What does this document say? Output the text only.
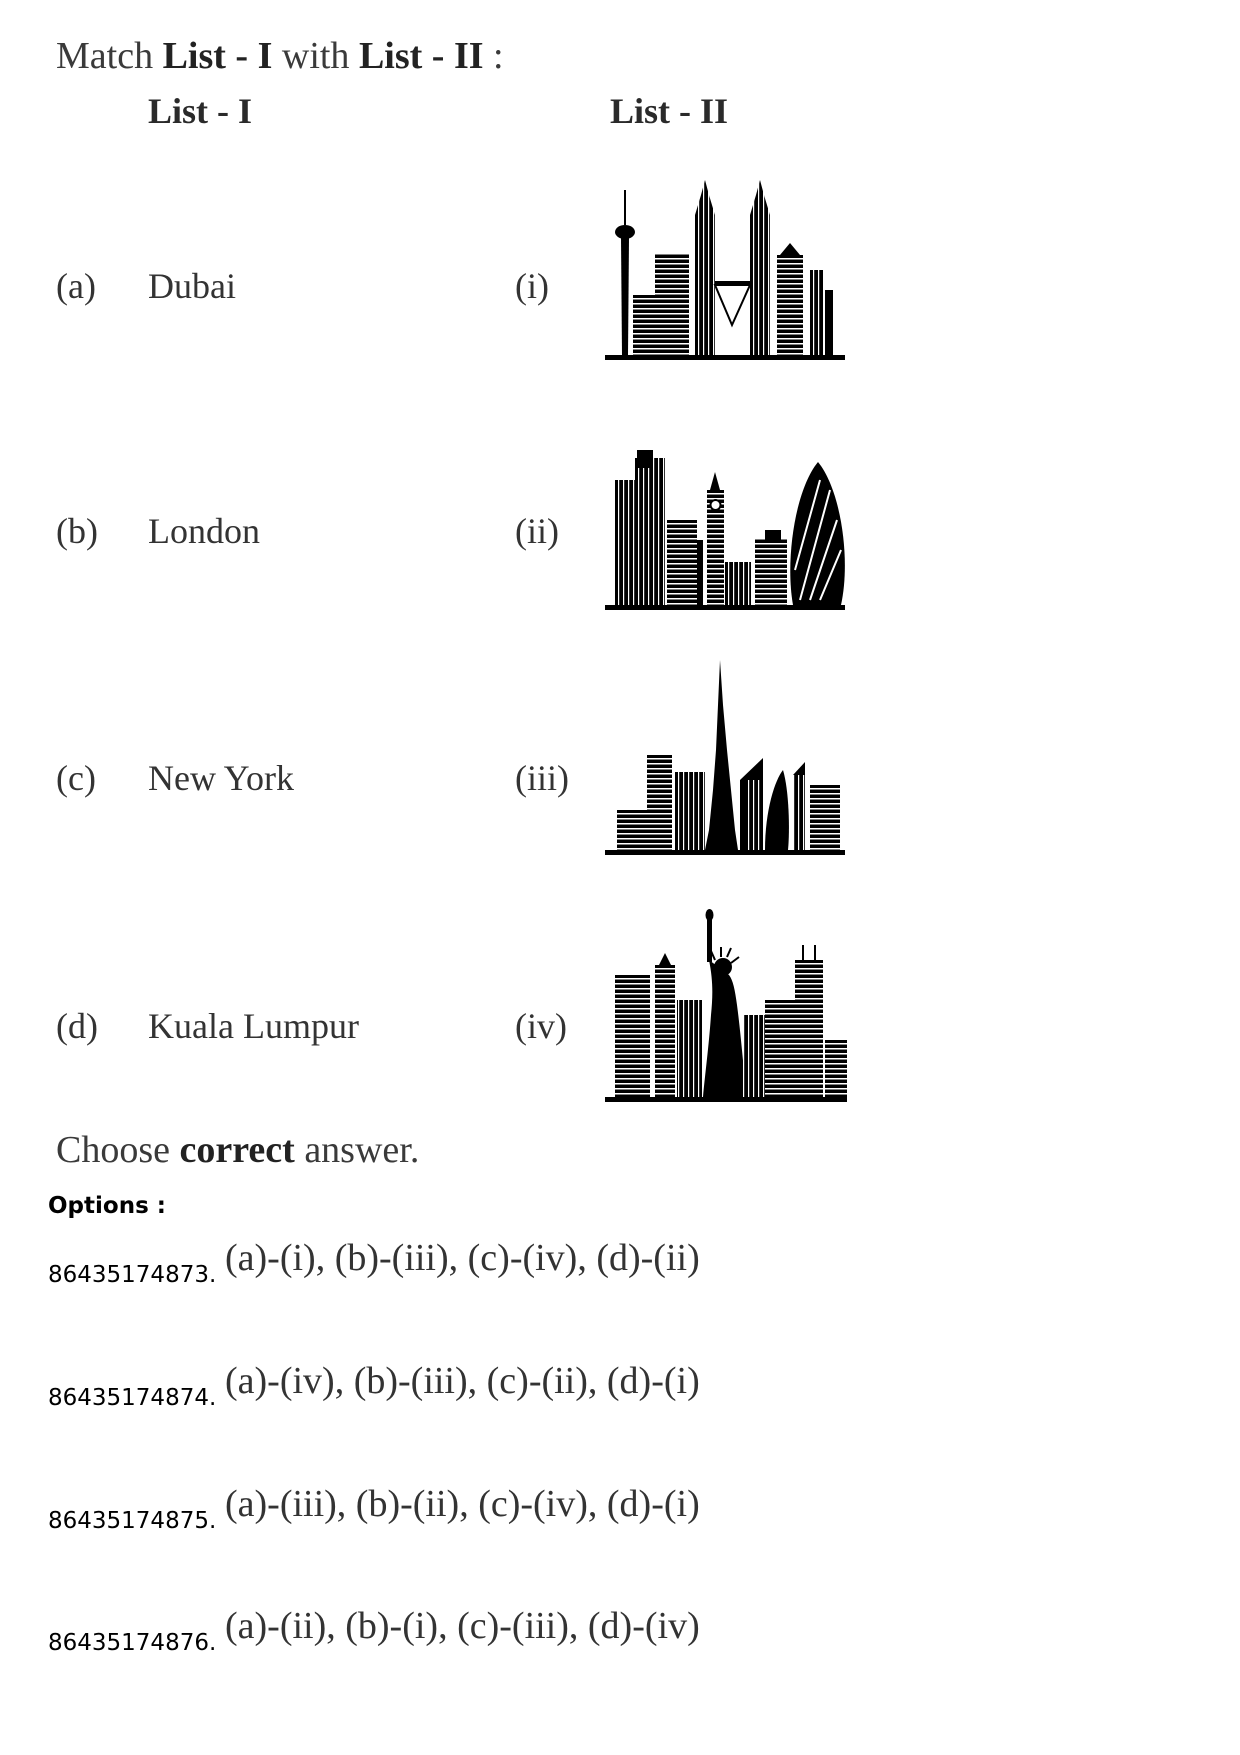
Match List - I with List - II :
List - I	List - II
(a) Dubai	(i)
(b) London	(ii)
(c) New York	(iii)
(d) Kuala Lumpur	(iv)
Choose correct answer.
Options :
86435174873. (a)-(i), (b)-(iii), (c)-(iv), (d)-(ii)
86435174874. (a)-(iv), (b)-(iii), (c)-(ii), (d)-(i)
86435174875. (a)-(iii), (b)-(ii), (c)-(iv), (d)-(i)
86435174876. (a)-(ii), (b)-(i), (c)-(iii), (d)-(iv)
